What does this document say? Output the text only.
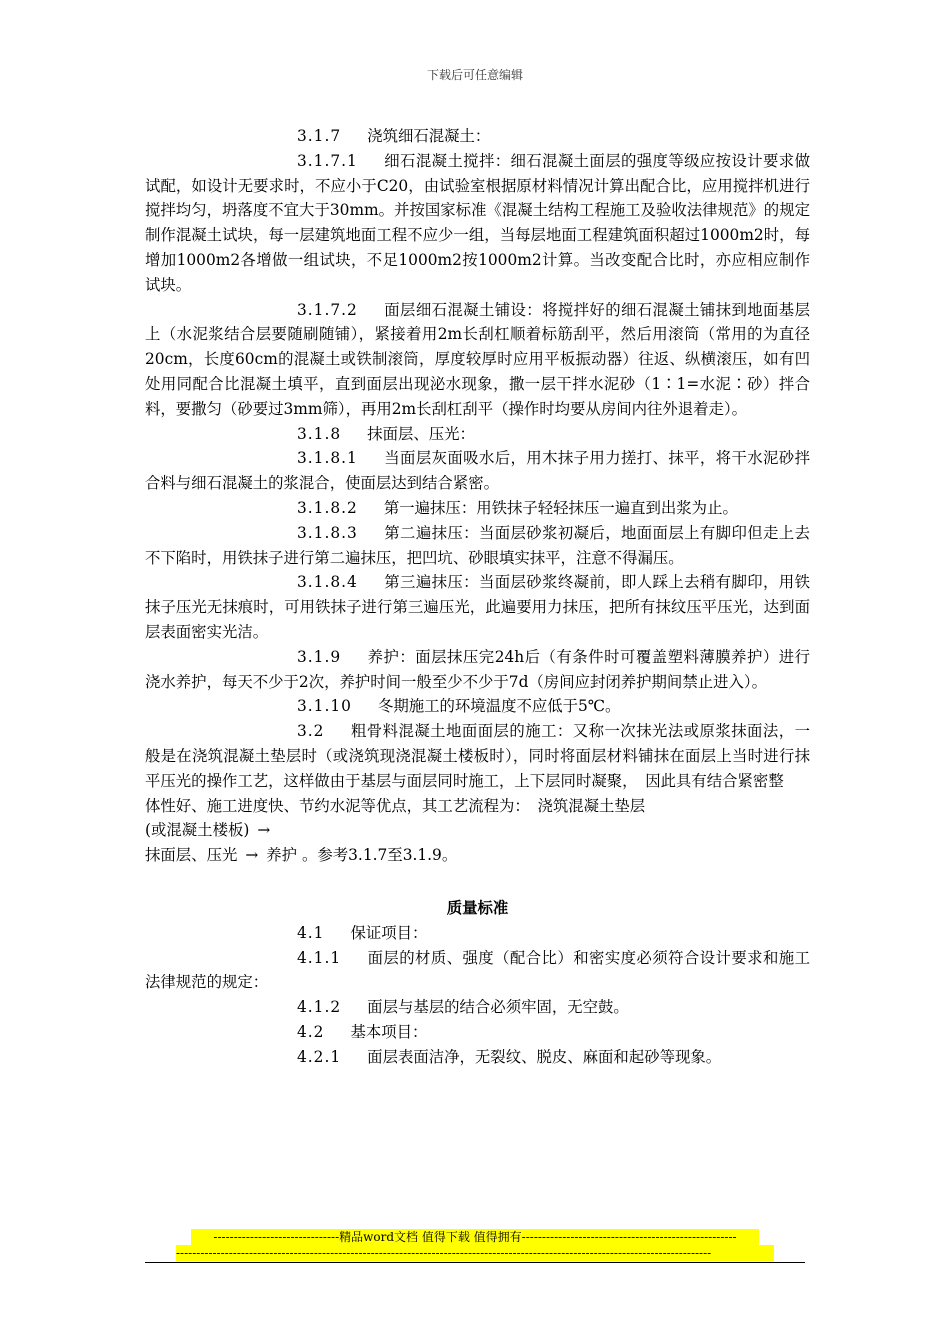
下载后可任意编辑

3.1.7 浇筑细石混凝土：

3.1.7.1 细石混凝土搅拌：细石混凝土面层的强度等级应按设计要求做试配，如设计无要求时，不应小于C20，由试验室根据原材料情况计算出配合比，应用搅拌机进行搅拌均匀，坍落度不宜大于30mm。并按国家标准《混凝土结构工程施工及验收法律规范》的规定制作混凝土试块，每一层建筑地面工程不应少一组，当每层地面工程建筑面积超过1000m2时，每增加1000m2各增做一组试块，不足1000m2按1000m2计算。当改变配合比时，亦应相应制作试块。

3.1.7.2 面层细石混凝土铺设：将搅拌好的细石混凝土铺抹到地面基层上（水泥浆结合层要随刷随铺），紧接着用2m长刮杠顺着标筋刮平，然后用滚筒（常用的为直径20cm，长度60cm的混凝土或铁制滚筒，厚度较厚时应用平板振动器）往返、纵横滚压，如有凹处用同配合比混凝土填平，直到面层出现泌水现象，撒一层干拌水泥砂（1∶1=水泥∶砂）拌合料，要撒匀（砂要过3mm筛），再用2m长刮杠刮平（操作时均要从房间内往外退着走）。

3.1.8 抹面层、压光：

3.1.8.1 当面层灰面吸水后，用木抹子用力搓打、抹平，将干水泥砂拌合料与细石混凝土的浆混合，使面层达到结合紧密。

3.1.8.2 第一遍抹压：用铁抹子轻轻抹压一遍直到出浆为止。

3.1.8.3 第二遍抹压：当面层砂浆初凝后，地面面层上有脚印但走上去不下陷时，用铁抹子进行第二遍抹压，把凹坑、砂眼填实抹平，注意不得漏压。

3.1.8.4 第三遍抹压：当面层砂浆终凝前，即人踩上去稍有脚印，用铁抹子压光无抹痕时，可用铁抹子进行第三遍压光，此遍要用力抹压，把所有抹纹压平压光，达到面层表面密实光洁。

3.1.9 养护：面层抹压完24h后（有条件时可覆盖塑料薄膜养护）进行浇水养护，每天不少于2次，养护时间一般至少不少于7d（房间应封闭养护期间禁止进入）。

3.1.10 冬期施工的环境温度不应低于5℃。

3.2 粗骨料混凝土地面面层的施工：又称一次抹光法或原浆抹面法，一般是在浇筑混凝土垫层时（或浇筑现浇混凝土楼板时），同时将面层材料铺抹在面层上当时进行抹平压光的操作工艺，这样做由于基层与面层同时施工，上下层同时凝聚，　因此具有结合紧密整

体性好、施工进度快、节约水泥等优点，其工艺流程为：　浇筑混凝土垫层

(或混凝土楼板) →

抹面层、压光 → 养护 。参考3.1.7至3.1.9。

质量标准

4.1 保证项目：

4.1.1 面层的材质、强度（配合比）和密实度必须符合设计要求和施工法律规范的规定：

4.1.2 面层与基层的结合必须牢固，无空鼓。

4.2 基本项目：

4.2.1 面层表面洁净，无裂纹、脱皮、麻面和起砂等现象。

-------------------------------精品word文档 值得下载 值得拥有-----------------------------------------------------
------------------------------------------------------------------------------------------------------------------------------------
